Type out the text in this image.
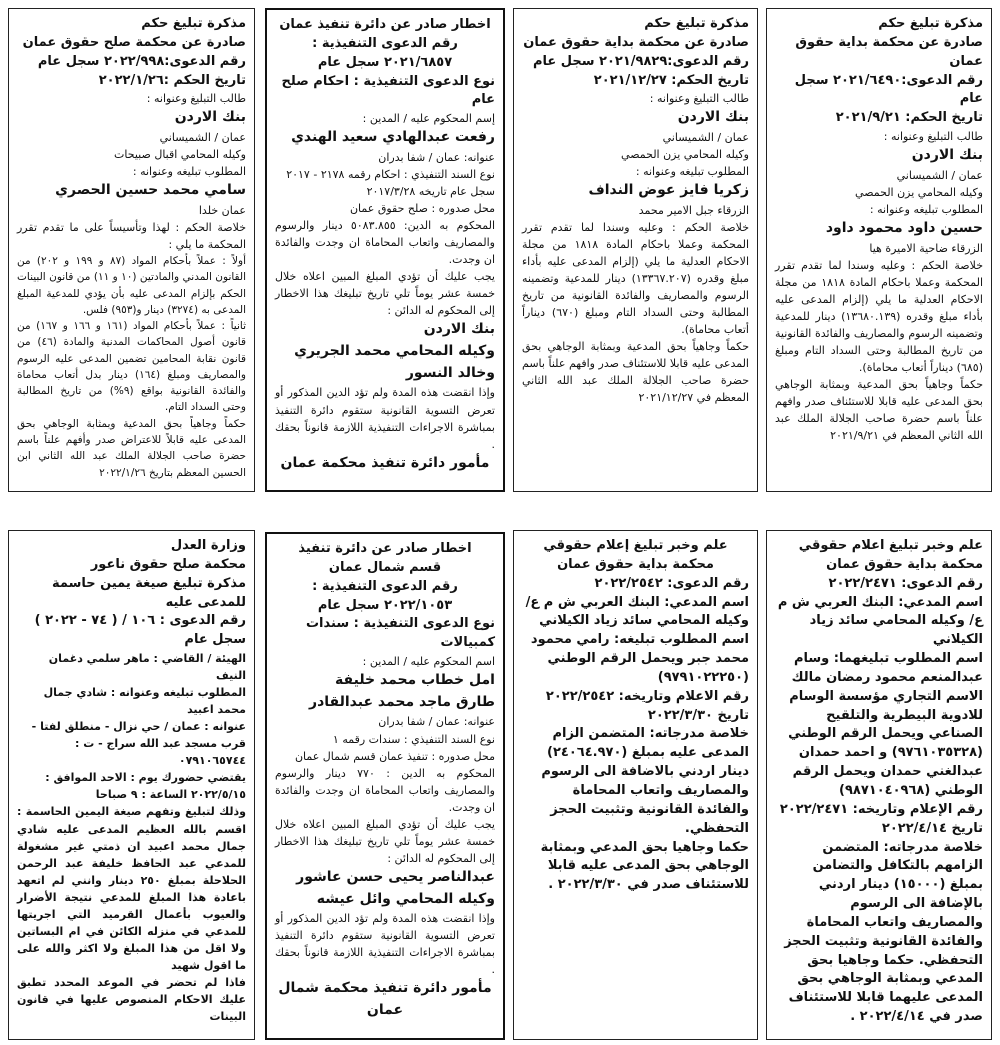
مذكرة تبليغ حكم
صادرة عن محكمة بداية حقوق عمان
رقم الدعوى:٢٠٢١/٦٤٩٠ سجل عام
تاريخ الحكم: ٢٠٢١/٩/٢١
طالب التبليغ وعنوانه :
بنك الاردن
عمان / الشميساني
وكيله المحامي يزن الحمصي
المطلوب تبليغه وعنوانه :
حسين داود محمود داود
الزرقاء ضاحية الاميرة هيا
خلاصة الحكم : وعليه وسندا لما تقدم تقرر المحكمة وعملا باحكام المادة ١٨١٨ من مجلة الاحكام العدلية ما يلي (إلزام المدعى عليه بأداء مبلغ وقدره (١٣٦٨٠.١٣٩) دينار للمدعية وتضمينه الرسوم والمصاريف والفائدة القانونية من تاريخ المطالبة وحتى السداد التام ومبلغ (٦٨٥) ديناراً أتعاب محاماة).
حكماً وجاهياً بحق المدعية وبمثابة الوجاهي بحق المدعى عليه قابلا للاستئناف صدر وافهم علناً باسم حضرة صاحب الجلالة الملك عبد الله الثاني المعظم في ٢٠٢١/٩/٢١
مذكرة تبليغ حكم
صادرة عن محكمة بداية حقوق عمان
رقم الدعوى:٢٠٢١/٩٨٢٩ سجل عام
تاريخ الحكم: ٢٠٢١/١٢/٢٧
طالب التبليغ وعنوانه :
بنك الاردن
عمان / الشميساني
وكيله المحامي يزن الحمصي
المطلوب تبليغه وعنوانه :
زكريا فايز عوض النداف
الزرقاء جبل الامير محمد
خلاصة الحكم : وعليه وسندا لما تقدم تقرر المحكمة وعملا باحكام المادة ١٨١٨ من مجلة الاحكام العدلية ما يلي (إلزام المدعى عليه بأداء مبلغ وقدره (١٣٣٦٧.٢٠٧) دينار للمدعية وتضمينه الرسوم والمصاريف والفائدة القانونية من تاريخ المطالبة وحتى السداد التام ومبلغ (٦٧٠) ديناراً أتعاب محاماة).
حكماً وجاهياً بحق المدعية وبمثابة الوجاهي بحق المدعى عليه قابلا للاستئناف صدر وافهم علناً باسم حضرة صاحب الجلالة الملك عبد الله الثاني المعظم في ٢٠٢١/١٢/٢٧
اخطار صادر عن دائرة تنفيذ عمان
رقم الدعوى التنفيذية :
٢٠٢١/٦٨٥٧ سجل عام
نوع الدعوى التنفيذية : احكام صلح عام
إسم المحكوم عليه / المدين :
رفعت عبدالهادي سعيد الهندي
عنوانه: عمان / شفا بدران
نوع السند التنفيذي : احكام رقمه ٢١٧٨ - ٢٠١٧ سجل عام تاريخه ٢٠١٧/٣/٢٨
محل صدوره : صلح حقوق عمان
المحكوم به الدين: ٥٠٨٣.٨٥٥ دينار والرسوم والمصاريف واتعاب المحاماة ان وجدت والفائدة ان وجدت.
يجب عليك أن تؤدي المبلغ المبين اعلاه خلال خمسة عشر يوماً تلي تاريخ تبليغك هذا الاخطار إلى المحكوم له الدائن :
بنك الاردن
وكيله المحامي محمد الجريري وخالد النسور
وإذا انقضت هذه المدة ولم تؤد الدين المذكور أو تعرض التسوية القانونية ستقوم دائرة التنفيذ بمباشرة الاجراءات التنفيذية اللازمة قانوناً بحقك .
مأمور دائرة تنفيذ محكمة عمان
مذكرة تبليغ حكم
صادرة عن محكمة صلح حقوق عمان
رقم الدعوى:٢٠٢٢/٩٩٨ سجل عام
تاريخ الحكم :٢٠٢٢/١/٢٦
طالب التبليغ وعنوانه :
بنك الاردن
عمان / الشميساني
وكيله المحامي اقبال صبيحات
المطلوب تبليغه وعنوانه :
سامي محمد حسين الحصري
عمان خلدا
خلاصة الحكم : لهذا وتأسيساً على ما تقدم تقرر المحكمة ما يلي :
أولاً : عملاً بأحكام المواد (٨٧ و ١٩٩ و ٢٠٢) من القانون المدني والمادتين (١٠ و ١١) من قانون البينات الحكم بإلزام المدعى عليه بأن يؤدي للمدعية المبلغ المدعى به (٣٢٧٤) دينار و(٩٥٣) فلس.
ثانياً : عملاً بأحكام المواد (١٦١ و ١٦٦ و ١٦٧) من قانون أصول المحاكمات المدنية والمادة (٤٦) من قانون نقابة المحامين تضمين المدعى عليه الرسوم والمصاريف ومبلغ (١٦٤) دينار بدل أتعاب محاماة والفائدة القانونية بواقع (٩%) من تاريخ المطالبة وحتى السداد التام.
حكماً وجاهياً بحق المدعية وبمثابة الوجاهي بحق المدعى عليه قابلاً للاعتراض صدر وأفهم علناً باسم حضرة صاحب الجلالة الملك عبد الله الثاني ابن الحسين المعظم بتاريخ ٢٠٢٢/١/٢٦
علم وخبر تبليغ اعلام حقوقي
محكمة بداية حقوق عمان
رقم الدعوى: ٢٠٢٢/٢٤٧١
اسم المدعي: البنك العربي ش م ع/ وكيله المحامي سائد زياد الكيلاني
اسم المطلوب تبليغهما: وسام عبدالمنعم محمود رمضان مالك الاسم التجاري مؤسسة الوسام للادوية البيطرية والتلقيح الصناعي ويحمل الرقم الوطني (٩٧٦١٠٣٥٣٢٨) و احمد حمدان عبدالغني حمدان ويحمل الرقم الوطني (٩٨٧١٠٤٠٩٦٨)
رقم الإعلام وتاريخه: ٢٠٢٢/٢٤٧١ تاريخ ٢٠٢٢/٤/١٤
خلاصة مدرجاته: المتضمن الزامهم بالتكافل والتضامن بمبلغ (١٥٠٠٠) دينار اردني بالإضافة الى الرسوم والمصاريف واتعاب المحاماة والفائدة القانونية وتثبيت الحجز التحفظي. حكما وجاهيا بحق المدعي وبمثابة الوجاهي بحق المدعى عليهما قابلا للاستئناف صدر في ٢٠٢٢/٤/١٤ .
علم وخبر تبليغ إعلام حقوقي
محكمة بداية حقوق عمان
رقم الدعوى: ٢٠٢٢/٢٥٤٢
اسم المدعي: البنك العربي ش م ع/ وكيله المحامي سائد زياد الكيلاني
اسم المطلوب تبليغه: رامي محمود محمد جبر ويحمل الرقم الوطني (٩٧٩١٠٢٢٢٥٠)
رقم الاعلام وتاريخه: ٢٠٢٢/٢٥٤٢ تاريخ ٢٠٢٢/٣/٣٠
خلاصة مدرجاته: المتضمن الزام المدعى عليه بمبلغ (٢٤٠٦٤.٩٧٠) دينار اردني بالاضافة الى الرسوم والمصاريف واتعاب المحاماة والفائدة القانونية وتثبيت الحجز التحفظي.
حكما وجاهيا بحق المدعي وبمثابة الوجاهي بحق المدعى عليه قابلا للاستئناف صدر في ٢٠٢٢/٣/٣٠ .
اخطار صادر عن دائرة تنفيذ
قسم شمال عمان
رقم الدعوى التنفيذية :
٢٠٢٢/١٠٥٣ سجل عام
نوع الدعوى التنفيذية : سندات كمبيالات
اسم المحكوم عليه / المدين :
امل خطاب محمد خليفة
طارق ماجد محمد عبدالقادر
عنوانه: عمان / شفا بدران
نوع السند التنفيذي : سندات رقمه ١
محل صدوره : تنفيذ عمان قسم شمال عمان
المحكوم به الدين : ٧٧٠ دينار والرسوم والمصاريف واتعاب المحاماة ان وجدت والفائدة ان وجدت.
يجب عليك أن تؤدي المبلغ المبين اعلاه خلال خمسة عشر يوماً تلي تاريخ تبليغك هذا الاخطار إلى المحكوم له الدائن :
عبدالناصر يحيى حسن عاشور
وكيله المحامي وائل عيشه
وإذا انقضت هذه المدة ولم تؤد الدين المذكور أو تعرض التسوية القانونية ستقوم دائرة التنفيذ بمباشرة الاجراءات التنفيذية اللازمة قانوناً بحقك .
مأمور دائرة تنفيذ محكمة شمال عمان
وزارة العدل
محكمة صلح حقوق ناعور
مذكرة تبليغ صيغة يمين حاسمة للمدعى عليه
رقم الدعوى : ١٠٦ / ( ٧٤ - ٢٠٢٢ ) سجل عام
الهيئة / القاضي : ماهر سلمي دغمان النيف
المطلوب تبليغه وعنوانه : شادي جمال محمد اعبيد
عنوانه : عمان / حي نزال - منطلق لفتا - قرب مسجد عبد الله سراج - ت : ٠٧٩١٠٦٥٧٤٤
يقتضي حضورك يوم : الاحد الموافق : ٢٠٢٢/٥/١٥ الساعة : ٩ صباحا
وذلك لتبليغ وتفهم صيغة اليمين الحاسمة : اقسم بالله العظيم المدعى عليه شادي جمال محمد اعبيد ان ذمتي غير مشغولة للمدعي عبد الحافظ خليفة عبد الرحمن الحلاحلة بمبلغ ٢٥٠ دينار وانني لم اتعهد باعادة هذا المبلغ للمدعي نتيجة الأضرار والعيوب بأعمال القرميد التي اجريتها للمدعي في منزله الكائن في ام البساتين ولا اقل من هذا المبلغ ولا اكثر والله على ما اقول شهيد
فاذا لم تحضر في الموعد المحدد تطبق عليك الاحكام المنصوص عليها في قانون البينات
